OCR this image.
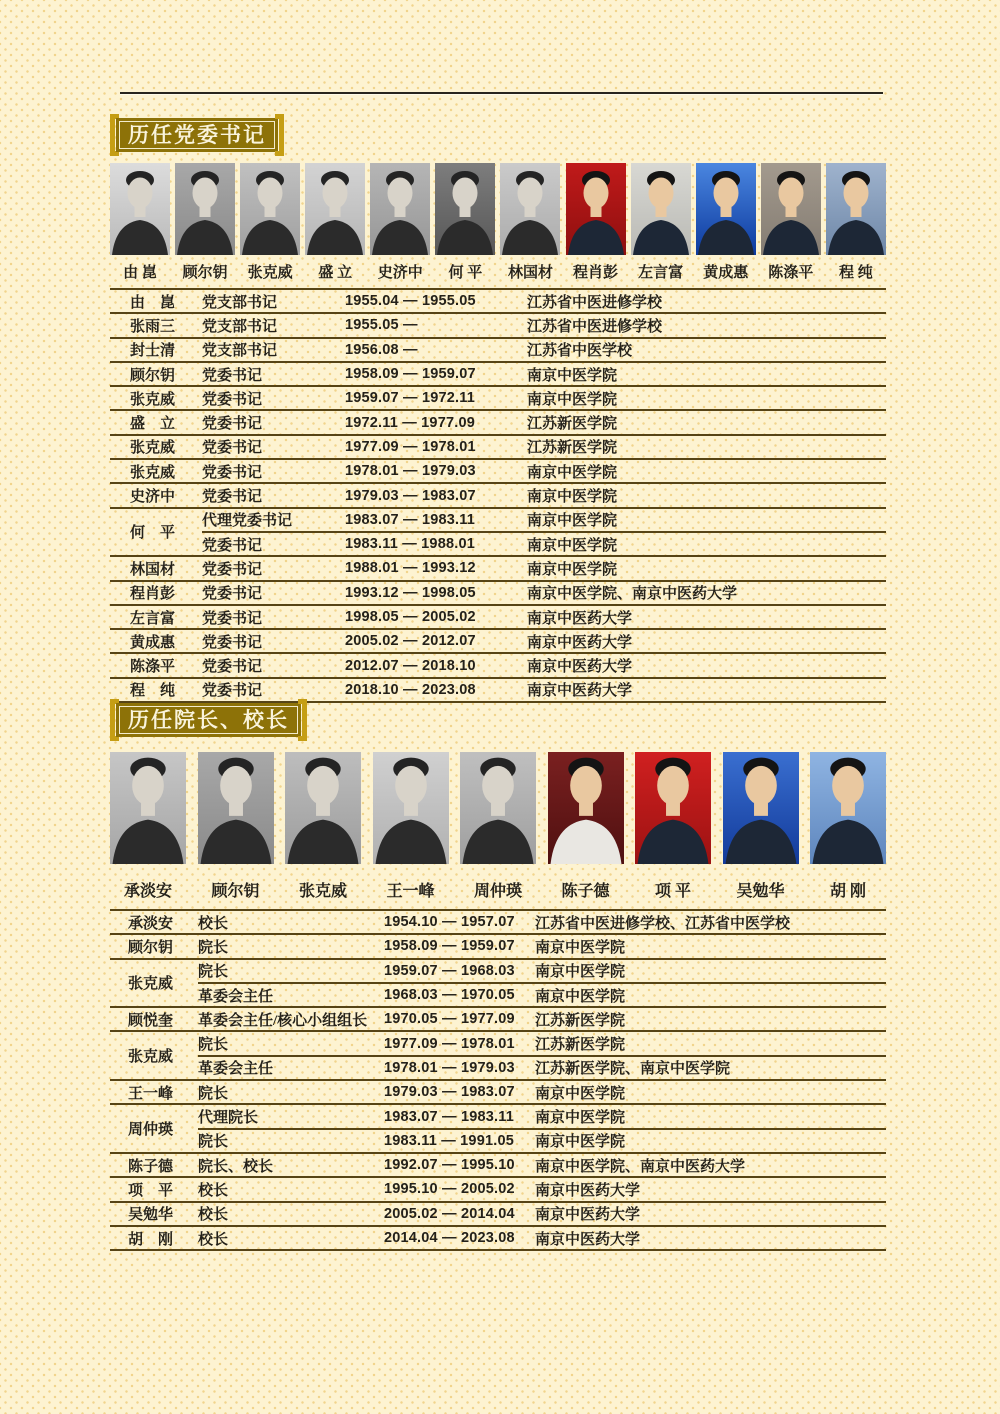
历任党委书记
由 崑	顾尔钥	张克威	盛 立	史济中	何 平	林国材	程肖彭	左言富	黄成惠	陈涤平	程 纯
由　崑	党支部书记	1955.04 — 1955.05	江苏省中医进修学校
张雨三	党支部书记	1955.05 —	江苏省中医进修学校
封士清	党支部书记	1956.08 —	江苏省中医学校
顾尔钥	党委书记	1958.09 — 1959.07	南京中医学院
张克威	党委书记	1959.07 — 1972.11	南京中医学院
盛　立	党委书记	1972.11 — 1977.09	江苏新医学院
张克威	党委书记	1977.09 — 1978.01	江苏新医学院
张克威	党委书记	1978.01 — 1979.03	南京中医学院
史济中	党委书记	1979.03 — 1983.07	南京中医学院
何　平
代理党委书记	1983.07 — 1983.11	南京中医学院
党委书记	1983.11 — 1988.01	南京中医学院
林国材	党委书记	1988.01 — 1993.12	南京中医学院
程肖彭	党委书记	1993.12 — 1998.05	南京中医学院、南京中医药大学
左言富	党委书记	1998.05 — 2005.02	南京中医药大学
黄成惠	党委书记	2005.02 — 2012.07	南京中医药大学
陈涤平	党委书记	2012.07 — 2018.10	南京中医药大学
程　纯	党委书记	2018.10 — 2023.08	南京中医药大学
历任院长、校长
承淡安	顾尔钥	张克威	王一峰	周仲瑛	陈子德	项 平	吴勉华	胡 刚
承淡安	校长	1954.10 — 1957.07	江苏省中医进修学校、江苏省中医学校
顾尔钥	院长	1958.09 — 1959.07	南京中医学院
张克威
院长	1959.07 — 1968.03	南京中医学院
革委会主任	1968.03 — 1970.05	南京中医学院
顾悦奎	革委会主任/核心小组组长	1970.05 — 1977.09	江苏新医学院
张克威
院长	1977.09 — 1978.01	江苏新医学院
革委会主任	1978.01 — 1979.03	江苏新医学院、南京中医学院
王一峰	院长	1979.03 — 1983.07	南京中医学院
周仲瑛
代理院长	1983.07 — 1983.11	南京中医学院
院长	1983.11 — 1991.05	南京中医学院
陈子德	院长、校长	1992.07 — 1995.10	南京中医学院、南京中医药大学
项　平	校长	1995.10 — 2005.02	南京中医药大学
吴勉华	校长	2005.02 — 2014.04	南京中医药大学
胡　刚	校长	2014.04 — 2023.08	南京中医药大学
